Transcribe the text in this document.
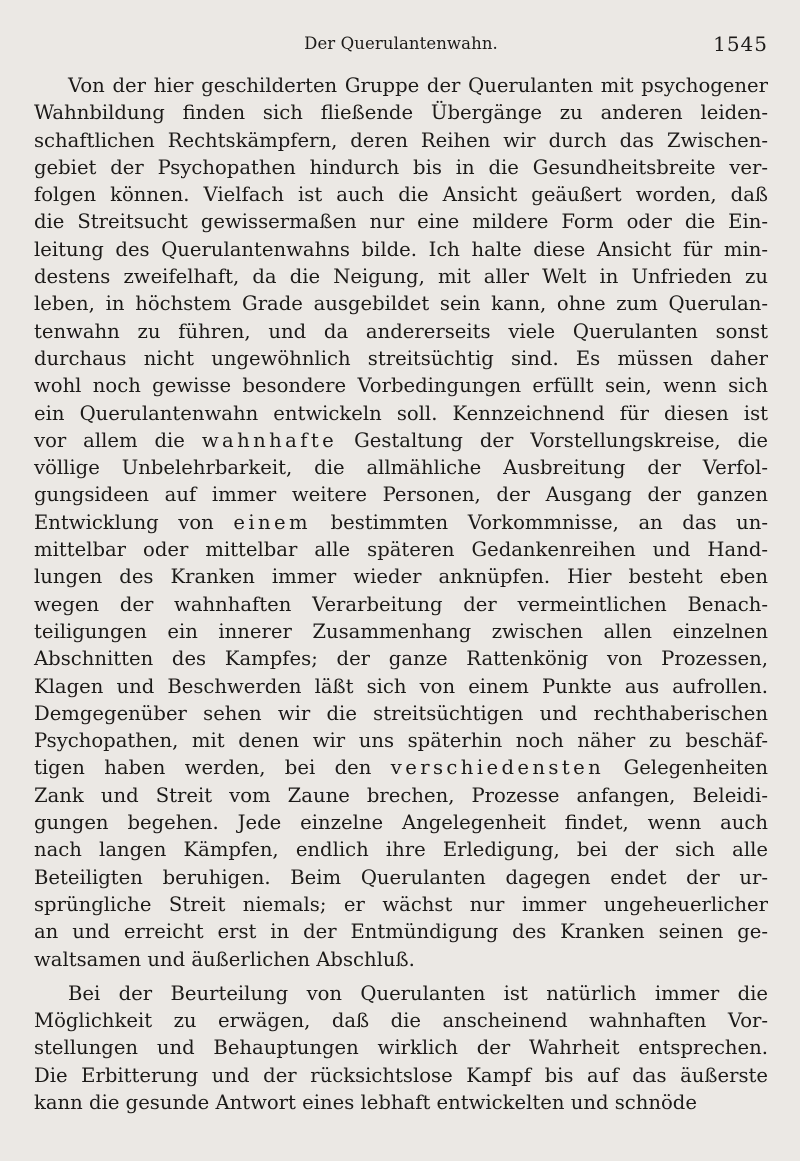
Der Querulantenwahn.	1545

Von der hier geschilderten Gruppe der Querulanten mit psychogener

Wahnbildung finden sich fließende Übergänge zu anderen leiden-

schaftlichen Rechtskämpfern, deren Reihen wir durch das Zwischen-

gebiet der Psychopathen hindurch bis in die Gesundheitsbreite ver-

folgen können. Vielfach ist auch die Ansicht geäußert worden, daß

die Streitsucht gewissermaßen nur eine mildere Form oder die Ein-

leitung des Querulantenwahns bilde. Ich halte diese Ansicht für min-

destens zweifelhaft, da die Neigung, mit aller Welt in Unfrieden zu

leben, in höchstem Grade ausgebildet sein kann, ohne zum Querulan-

tenwahn zu führen, und da andererseits viele Querulanten sonst

durchaus nicht ungewöhnlich streitsüchtig sind. Es müssen daher

wohl noch gewisse besondere Vorbedingungen erfüllt sein, wenn sich

ein Querulantenwahn entwickeln soll. Kennzeichnend für diesen ist

vor allem die wahnhafte Gestaltung der Vorstellungskreise, die

völlige Unbelehrbarkeit, die allmähliche Ausbreitung der Verfol-

gungsideen auf immer weitere Personen, der Ausgang der ganzen

Entwicklung von einem bestimmten Vorkommnisse, an das un-

mittelbar oder mittelbar alle späteren Gedankenreihen und Hand-

lungen des Kranken immer wieder anknüpfen. Hier besteht eben

wegen der wahnhaften Verarbeitung der vermeintlichen Benach-

teiligungen ein innerer Zusammenhang zwischen allen einzelnen

Abschnitten des Kampfes; der ganze Rattenkönig von Prozessen,

Klagen und Beschwerden läßt sich von einem Punkte aus aufrollen.

Demgegenüber sehen wir die streitsüchtigen und rechthaberischen

Psychopathen, mit denen wir uns späterhin noch näher zu beschäf-

tigen haben werden, bei den verschiedensten Gelegenheiten

Zank und Streit vom Zaune brechen, Prozesse anfangen, Beleidi-

gungen begehen. Jede einzelne Angelegenheit findet, wenn auch

nach langen Kämpfen, endlich ihre Erledigung, bei der sich alle

Beteiligten beruhigen. Beim Querulanten dagegen endet der ur-

sprüngliche Streit niemals; er wächst nur immer ungeheuerlicher

an und erreicht erst in der Entmündigung des Kranken seinen ge-

waltsamen und äußerlichen Abschluß.

Bei der Beurteilung von Querulanten ist natürlich immer die

Möglichkeit zu erwägen, daß die anscheinend wahnhaften Vor-

stellungen und Behauptungen wirklich der Wahrheit entsprechen.

Die Erbitterung und der rücksichtslose Kampf bis auf das äußerste

kann die gesunde Antwort eines lebhaft entwickelten und schnöde
